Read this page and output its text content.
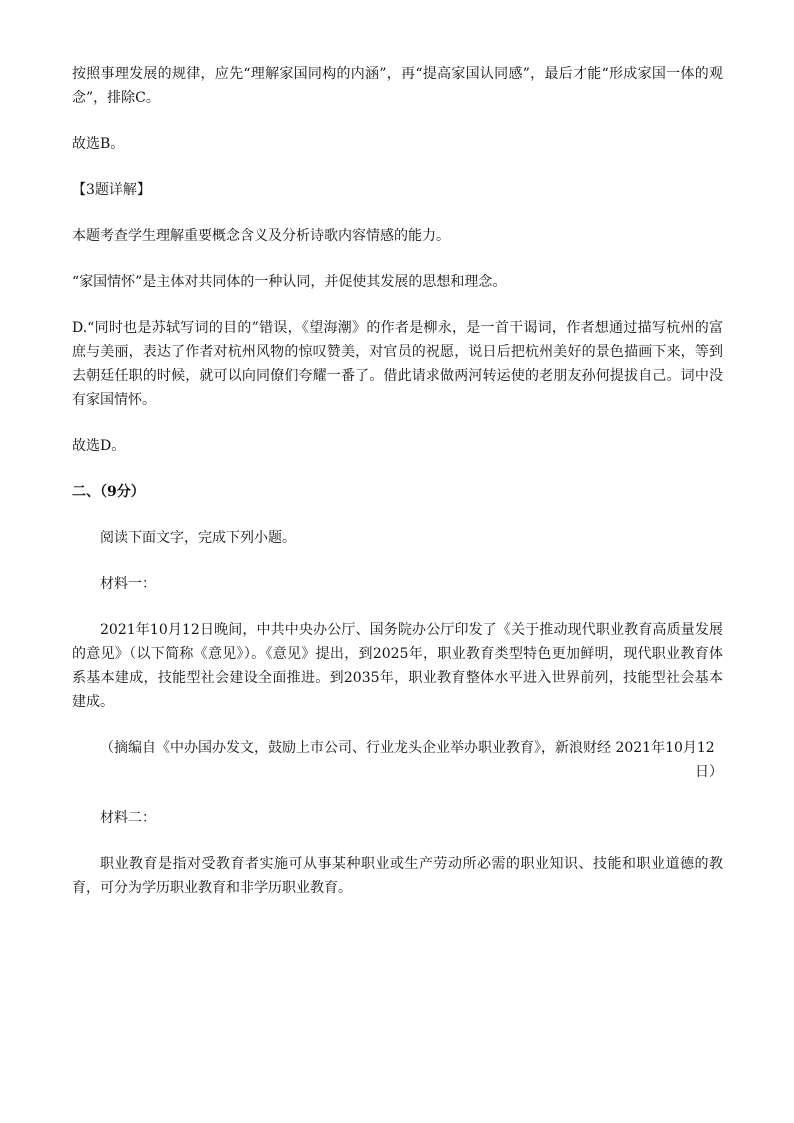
按照事理发展的规律，应先“理解家国同构的内涵”，再“提高家国认同感”，最后才能“形成家国一体的观念”，排除C。

故选B。

【3题详解】

本题考查学生理解重要概念含义及分析诗歌内容情感的能力。

“家国情怀”是主体对共同体的一种认同，并促使其发展的思想和理念。

D.“同时也是苏轼写词的目的”错误，《望海潮》的作者是柳永，是一首干谒词，作者想通过描写杭州的富庶与美丽，表达了作者对杭州风物的惊叹赞美，对官员的祝愿，说日后把杭州美好的景色描画下来，等到去朝廷任职的时候，就可以向同僚们夸耀一番了。借此请求做两河转运使的老朋友孙何提拔自己。词中没有家国情怀。

故选D。

二、（9分）

阅读下面文字，完成下列小题。

材料一：

2021年10月12日晚间，中共中央办公厅、国务院办公厅印发了《关于推动现代职业教育高质量发展的意见》（以下简称《意见》）。《意见》提出，到2025年，职业教育类型特色更加鲜明，现代职业教育体系基本建成，技能型社会建设全面推进。到2035年，职业教育整体水平进入世界前列，技能型社会基本建成。

（摘编自《中办国办发文，鼓励上市公司、行业龙头企业举办职业教育》，新浪财经 2021年10月12
日）

材料二：

职业教育是指对受教育者实施可从事某种职业或生产劳动所必需的职业知识、技能和职业道德的教育，可分为学历职业教育和非学历职业教育。
